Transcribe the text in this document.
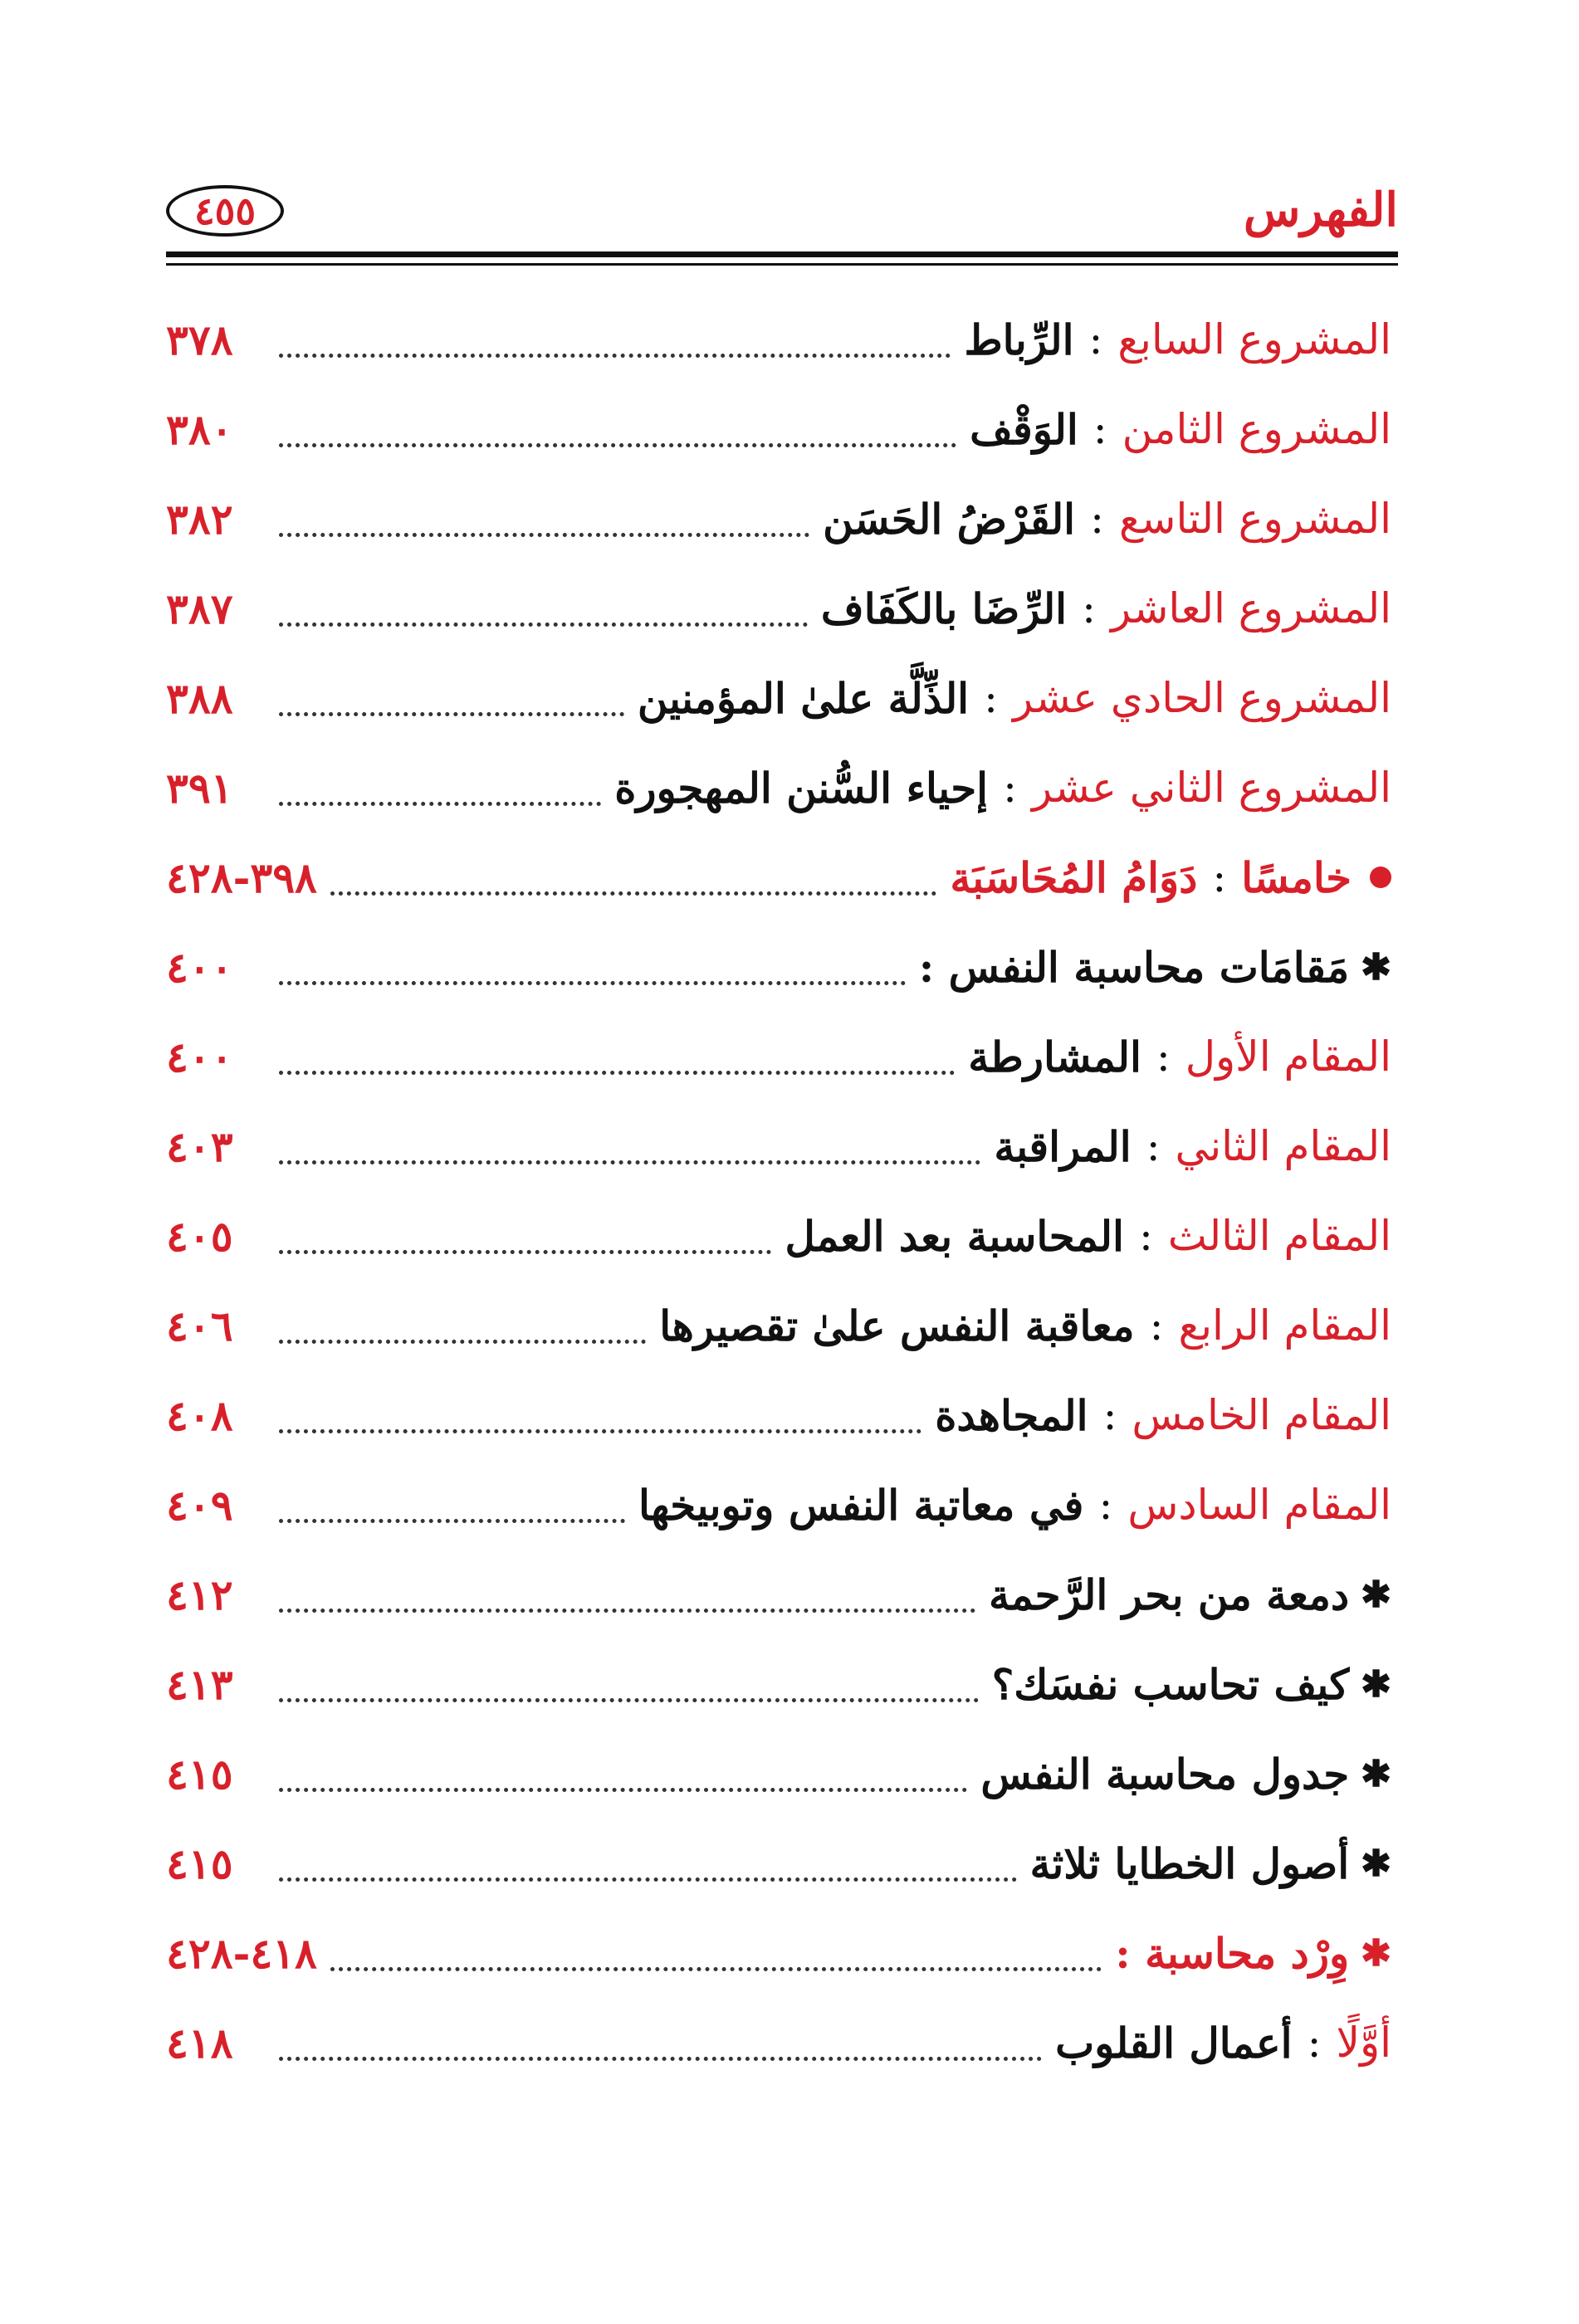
الفهرس
٤٥٥
المشروع السابع
:
الرِّباط
٣٧٨
المشروع الثامن
:
الوَقْف
٣٨٠
المشروع التاسع
:
القَرْضُ الحَسَن
٣٨٢
المشروع العاشر
:
الرِّضَا بالكَفَاف
٣٨٧
المشروع الحادي عشر
:
الذِّلَّة علىٰ المؤمنين
٣٨٨
المشروع الثاني عشر
:
إحياء السُّنن المهجورة
٣٩١
خامسًا
:
دَوَامُ المُحَاسَبَة
٣٩٨-٤٢٨
✱
مَقامَات محاسبة النفس :
٤٠٠
المقام الأول
:
المشارطة
٤٠٠
المقام الثاني
:
المراقبة
٤٠٣
المقام الثالث
:
المحاسبة بعد العمل
٤٠٥
المقام الرابع
:
معاقبة النفس علىٰ تقصيرها
٤٠٦
المقام الخامس
:
المجاهدة
٤٠٨
المقام السادس
:
في معاتبة النفس وتوبيخها
٤٠٩
✱
دمعة من بحر الرَّحمة
٤١٢
✱
كيف تحاسب نفسَك؟
٤١٣
✱
جدول محاسبة النفس
٤١٥
✱
أصول الخطايا ثلاثة
٤١٥
✱
وِرْد محاسبة :
٤١٨-٤٢٨
أوَّلًا
:
أعمال القلوب
٤١٨
